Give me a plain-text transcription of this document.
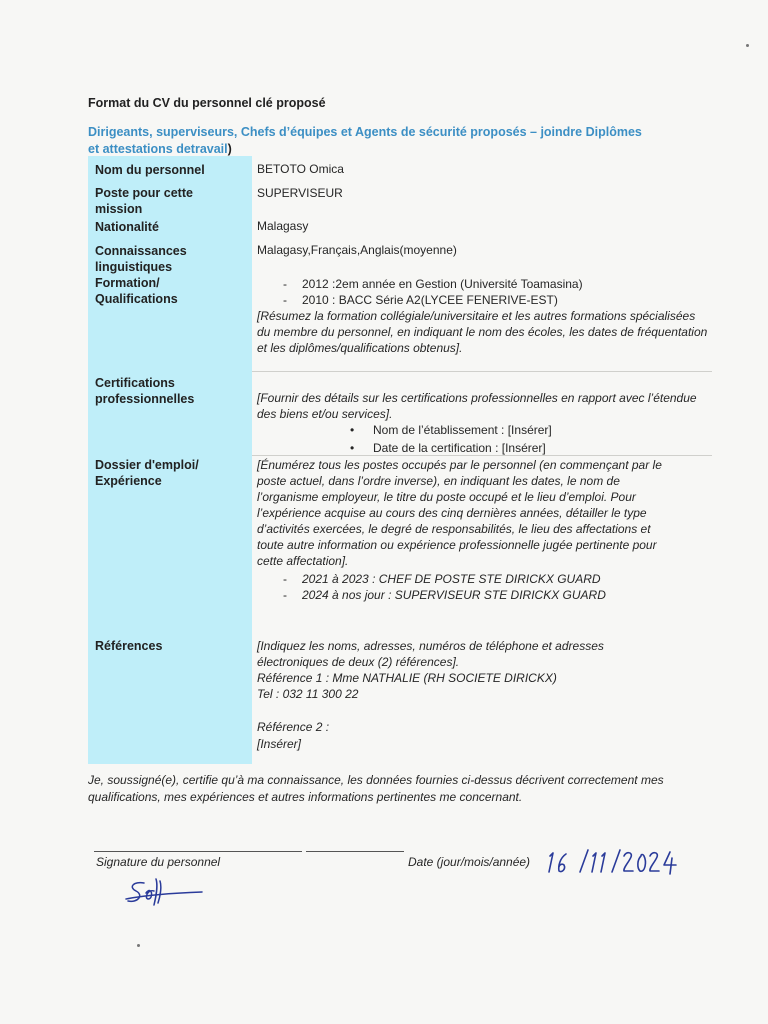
Format du CV du personnel clé proposé
Dirigeants, superviseurs, Chefs d’équipes et Agents de sécurité proposés – joindre Diplômes et attestations detravail)
Nom du personnel
Poste pour cette mission
Nationalité
Connaissances linguistiques
Formation/ Qualifications
Certifications professionnelles
Dossier d'emploi/ Expérience
Références
BETOTO Omica
SUPERVISEUR
Malagasy
Malagasy,Français,Anglais(moyenne)
- 2012 :2em année en Gestion (Université Toamasina)
- 2010 : BACC Série A2(LYCEE FENERIVE-EST)
[Résumez la formation collégiale/universitaire et les autres formations spécialisées du membre du personnel, en indiquant le nom des écoles, les dates de fréquentation et les diplômes/qualifications obtenus].
[Fournir des détails sur les certifications professionnelles en rapport avec l’étendue des biens et/ou services].
• Nom de l’établissement : [Insérer]
• Date de la certification : [Insérer]
[Énumérez tous les postes occupés par le personnel (en commençant par le poste actuel, dans l’ordre inverse), en indiquant les dates, le nom de l’organisme employeur, le titre du poste occupé et le lieu d’emploi. Pour l’expérience acquise au cours des cinq dernières années, détailler le type d’activités exercées, le degré de responsabilités, le lieu des affectations et toute autre information ou expérience professionnelle jugée pertinente pour cette affectation].
- 2021 à 2023 : CHEF DE POSTE STE DIRICKX GUARD
- 2024 à nos jour : SUPERVISEUR STE DIRICKX GUARD
[Indiquez les noms, adresses, numéros de téléphone et adresses électroniques de deux (2) références].
Référence 1 : Mme NATHALIE (RH SOCIETE DIRICKX)
Tel : 032 11 300 22
Référence 2 :
[Insérer]
Je, soussigné(e), certifie qu’à ma connaissance, les données fournies ci-dessus décrivent correctement mes qualifications, mes expériences et autres informations pertinentes me concernant.
Signature du personnel	Date (jour/mois/année)
